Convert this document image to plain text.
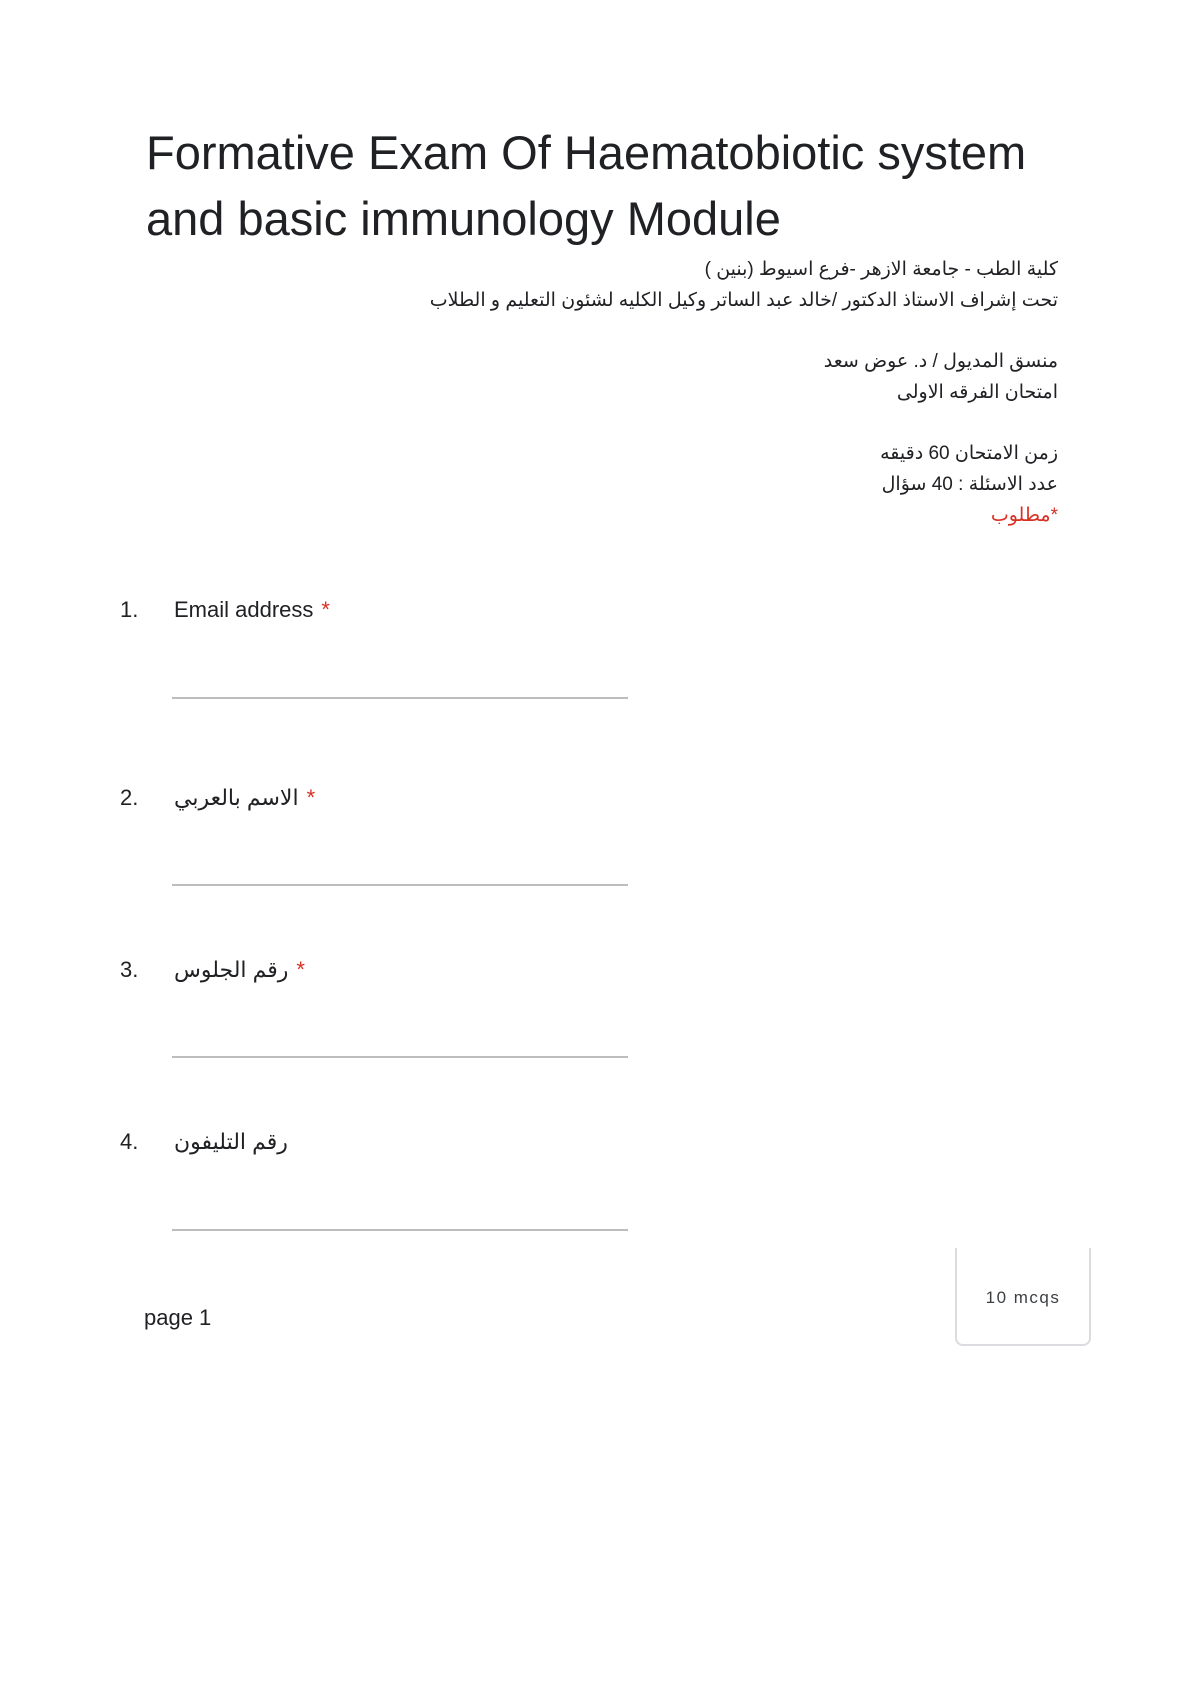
Formative Exam Of Haematobiotic system and basic immunology Module
كلية الطب - جامعة الازهر -فرع اسيوط (بنين )
تحت إشراف الاستاذ الدكتور /خالد عبد الساتر وكيل الكليه لشئون التعليم و الطلاب
منسق المديول / د. عوض سعد
امتحان الفرقه الاولى
زمن الامتحان 60 دقيقه
عدد الاسئلة : 40 سؤال
*مطلوب
1.	Email address *
2.	الاسم بالعربي *
3.	رقم الجلوس *
4.	رقم التليفون
page 1
10 mcqs
